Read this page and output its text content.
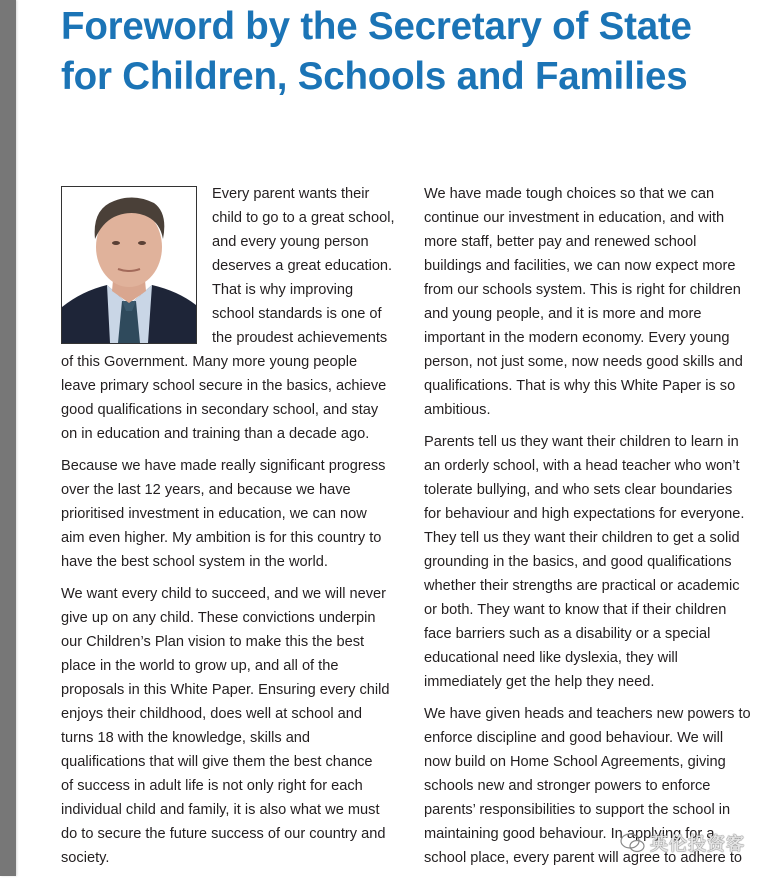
Foreword by the Secretary of State
for Children, Schools and Families

Every parent wants their
child to go to a great school,
and every young person
deserves a great education.
That is why improving
school standards is one of
the proudest achievements
of this Government. Many more young people
leave primary school secure in the basics, achieve
good qualifications in secondary school, and stay
on in education and training than a decade ago.

Because we have made really significant progress
over the last 12 years, and because we have
prioritised investment in education, we can now
aim even higher. My ambition is for this country to
have the best school system in the world.

We want every child to succeed, and we will never
give up on any child. These convictions underpin
our Children’s Plan vision to make this the best
place in the world to grow up, and all of the
proposals in this White Paper. Ensuring every child
enjoys their childhood, does well at school and
turns 18 with the knowledge, skills and
qualifications that will give them the best chance
of success in adult life is not only right for each
individual child and family, it is also what we must
do to secure the future success of our country and
society.

We have made tough choices so that we can
continue our investment in education, and with
more staff, better pay and renewed school
buildings and facilities, we can now expect more
from our schools system. This is right for children
and young people, and it is more and more
important in the modern economy. Every young
person, not just some, now needs good skills and
qualifications. That is why this White Paper is so
ambitious.

Parents tell us they want their children to learn in
an orderly school, with a head teacher who won’t
tolerate bullying, and who sets clear boundaries
for behaviour and high expectations for everyone.
They tell us they want their children to get a solid
grounding in the basics, and good qualifications
whether their strengths are practical or academic
or both. They want to know that if their children
face barriers such as a disability or a special
educational need like dyslexia, they will
immediately get the help they need.

We have given heads and teachers new powers to
enforce discipline and good behaviour. We will
now build on Home School Agreements, giving
schools new and stronger powers to enforce
parents’ responsibilities to support the school in
maintaining good behaviour. In applying for a
school place, every parent will agree to adhere to

英伦投资客
